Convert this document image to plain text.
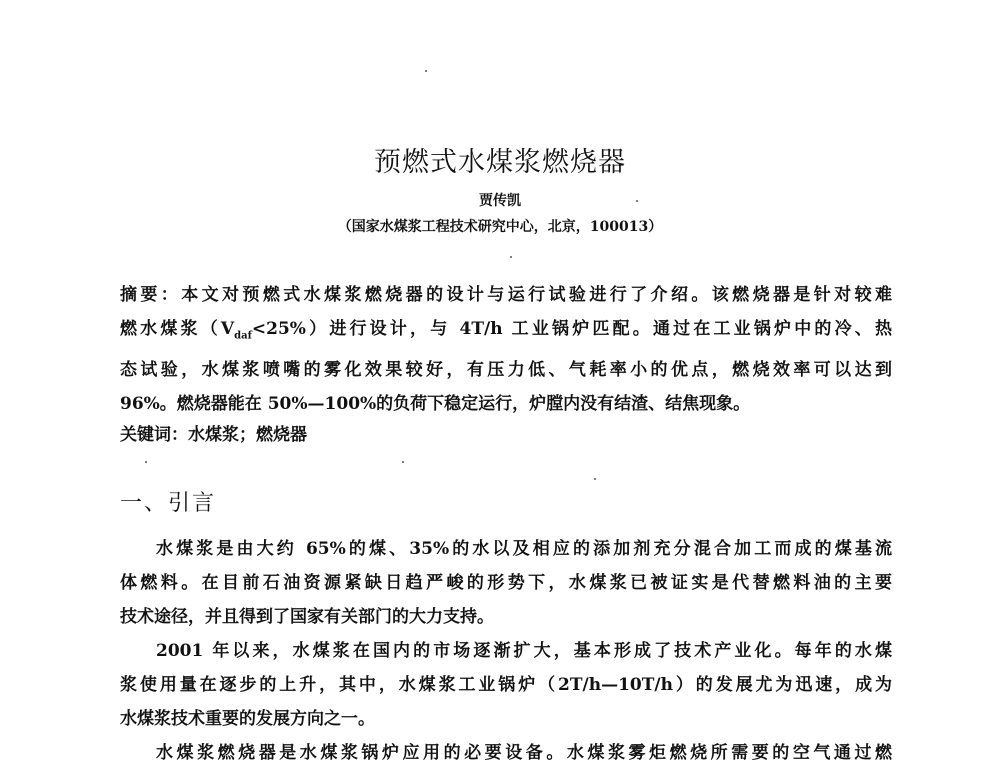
预燃式水煤浆燃烧器
贾传凯
（国家水煤浆工程技术研究中心，北京，100013）
摘要：本文对预燃式水煤浆燃烧器的设计与运行试验进行了介绍。该燃烧器是针对较难
燃水煤浆$(V_{daf}<25\%)$进行设计，与 4T/h 工业锅炉匹配。通过在工业锅炉中的冷、热
态试验，水煤浆喷嘴的雾化效果较好，有压力低、气耗率小的优点，燃烧效率可以达到
96%。燃烧器能在 50%—100%的负荷下稳定运行，炉膛内没有结渣、结焦现象。
关键词：水煤浆；燃烧器
一、引言
水煤浆是由大约 65%的煤、35%的水以及相应的添加剂充分混合加工而成的煤基流
体燃料。在目前石油资源紧缺日趋严峻的形势下，水煤浆已被证实是代替燃料油的主要
技术途径，并且得到了国家有关部门的大力支持。
2001 年以来，水煤浆在国内的市场逐渐扩大，基本形成了技术产业化。每年的水煤
浆使用量在逐步的上升，其中，水煤浆工业锅炉（2T/h—10T/h）的发展尤为迅速，成为
水煤浆技术重要的发展方向之一。
水煤浆燃烧器是水煤浆锅炉应用的必要设备。水煤浆雾炬燃烧所需要的空气通过燃
